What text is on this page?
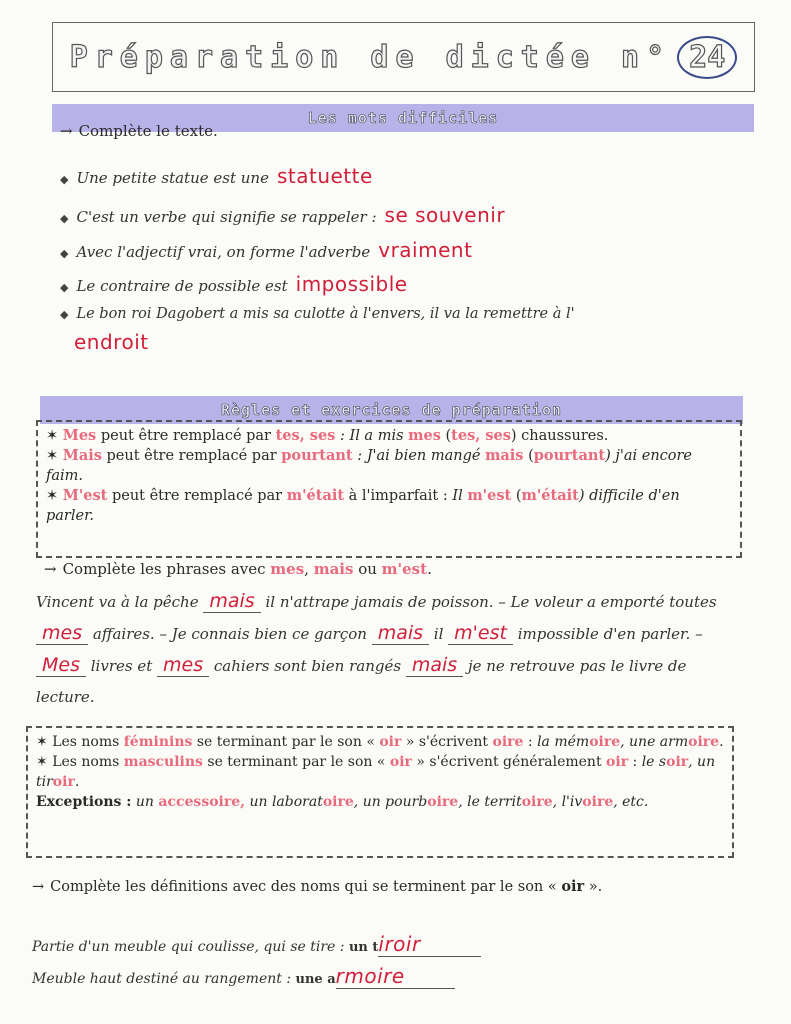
Préparation de dictée n° 24
Les mots difficiles
→ Complète le texte.
◆ Une petite statue est une statuette
◆ C'est un verbe qui signifie se rappeler : se souvenir
◆ Avec l'adjectif vrai, on forme l'adverbe vraiment
◆ Le contraire de possible est impossible
◆ Le bon roi Dagobert a mis sa culotte à l'envers, il va la remettre à l'
endroit
Règles et exercices de préparation
✶ Mes peut être remplacé par tes, ses : Il a mis mes (tes, ses) chaussures.
✶ Mais peut être remplacé par pourtant : J'ai bien mangé mais (pourtant) j'ai encore faim.
✶ M'est peut être remplacé par m'était à l'imparfait : Il m'est (m'était) difficile d'en parler.
→ Complète les phrases avec mes, mais ou m'est.
Vincent va à la pêche mais il n'attrape jamais de poisson. – Le voleur a emporté toutes mes affaires. – Je connais bien ce garçon mais il m'est impossible d'en parler. – Mes livres et mes cahiers sont bien rangés mais je ne retrouve pas le livre de lecture.
✶ Les noms féminins se terminant par le son « oir » s'écrivent oire : la mémoire, une armoire.
✶ Les noms masculins se terminant par le son « oir » s'écrivent généralement oir : le soir, un tiroir.
Exceptions : un accessoire, un laboratoire, un pourboire, le territoire, l'ivoire, etc.
→ Complète les définitions avec des noms qui se terminent par le son « oir ».
Partie d'un meuble qui coulisse, qui se tire : un tiroir
Meuble haut destiné au rangement : une armoire
